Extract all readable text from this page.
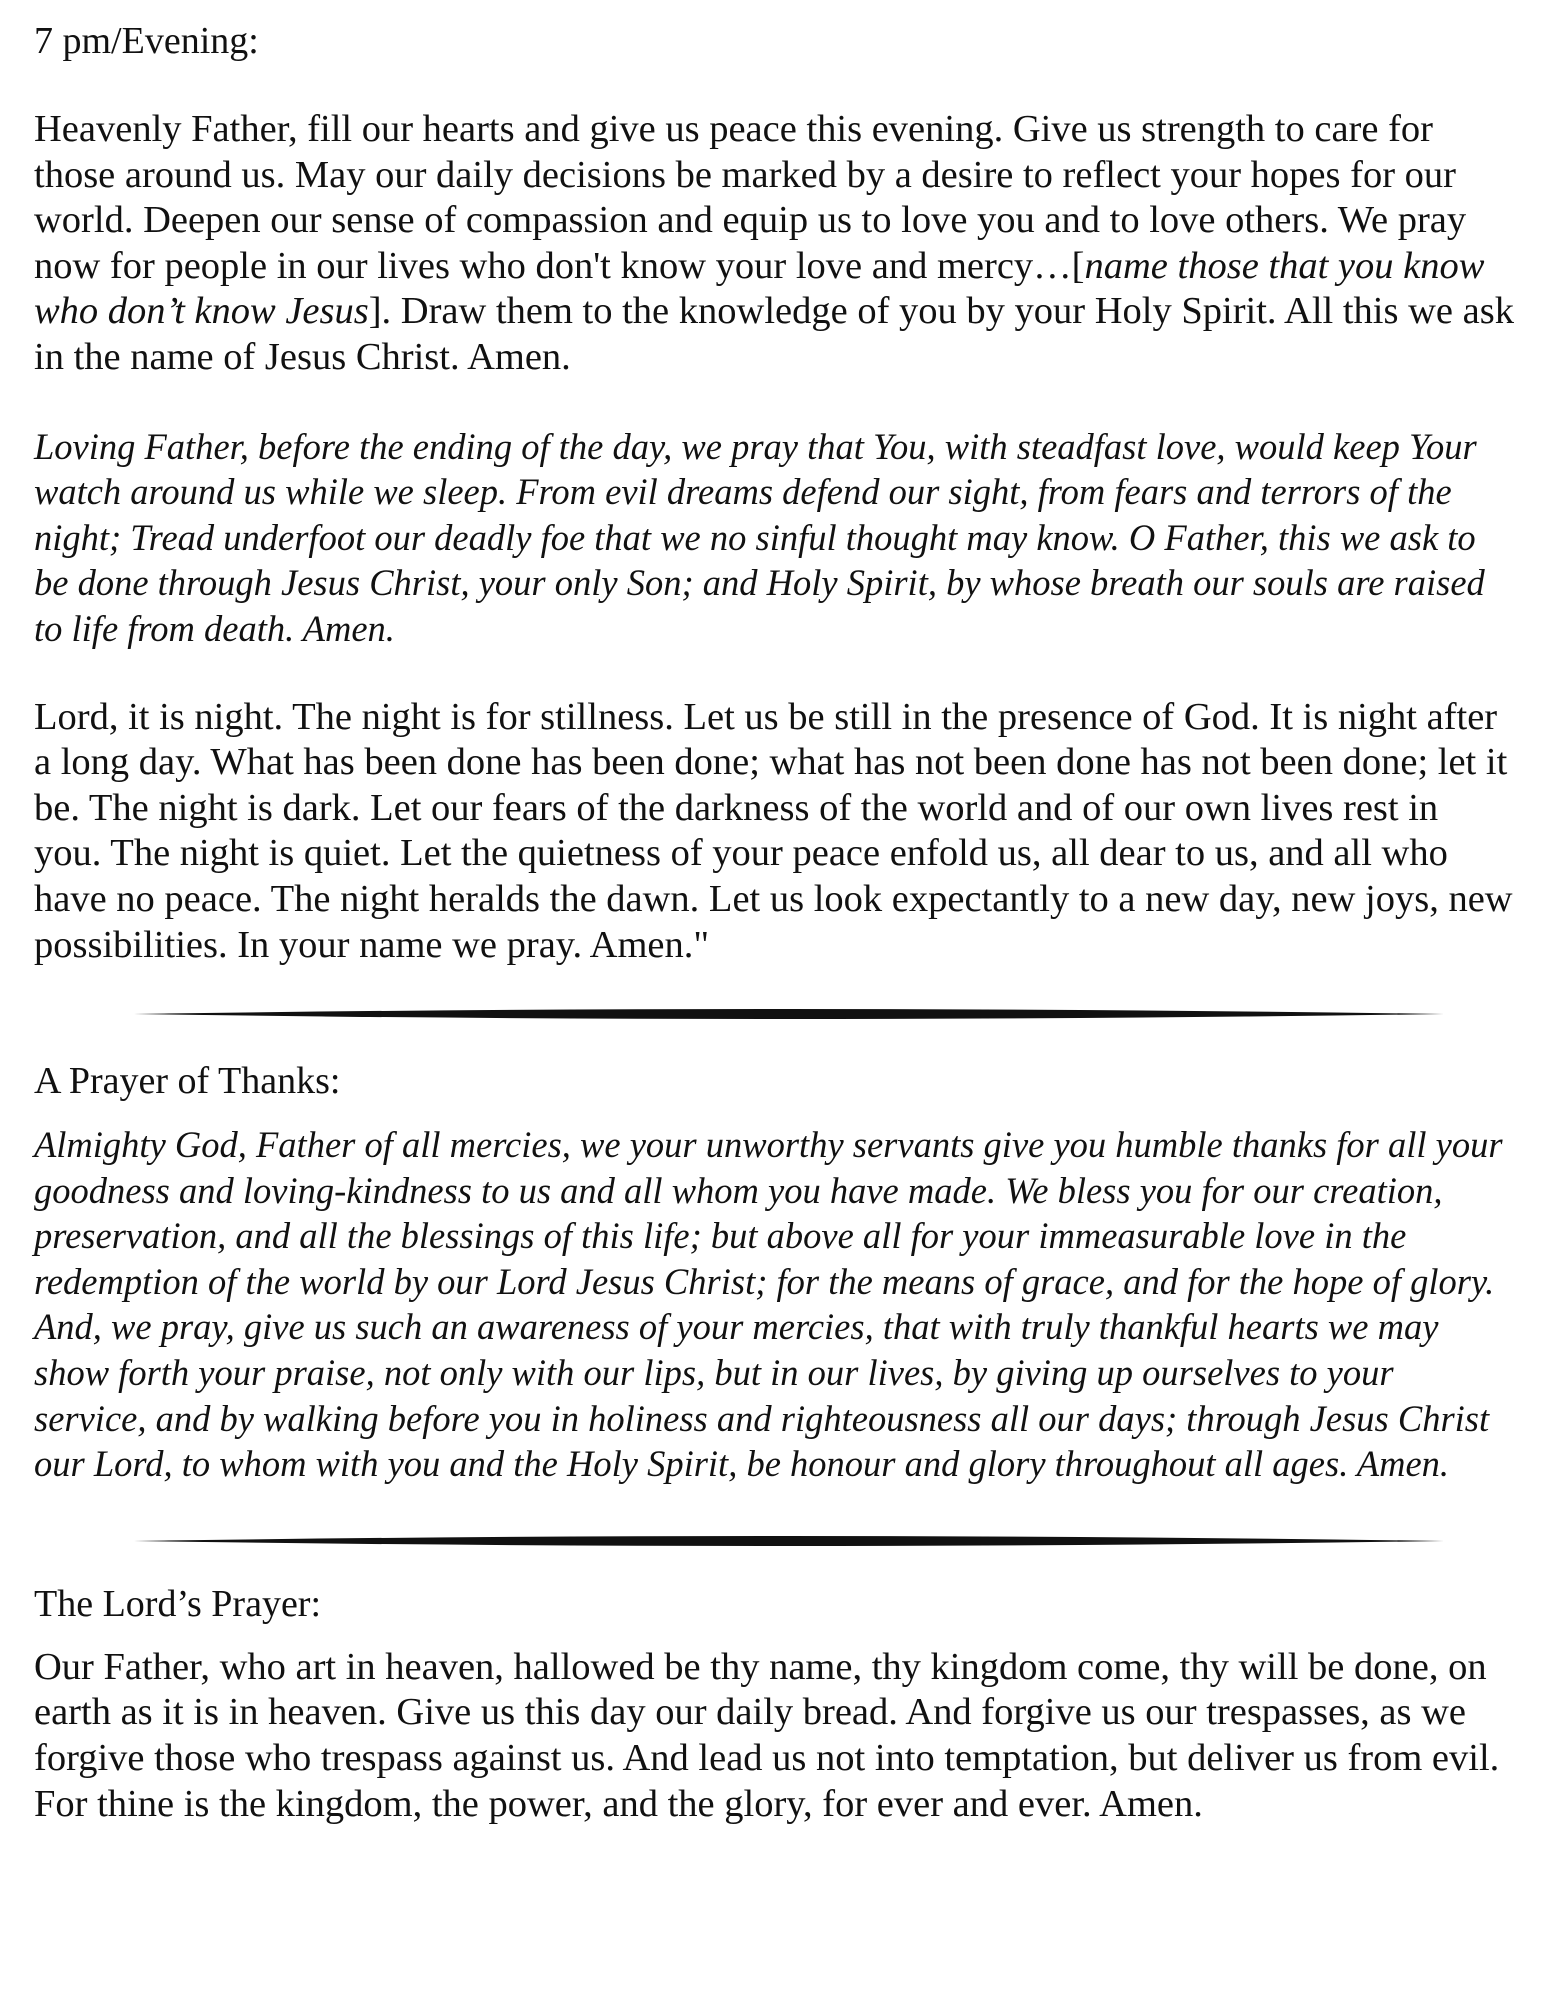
7 pm/Evening:

Heavenly Father, fill our hearts and give us peace this evening. Give us strength to care for those around us. May our daily decisions be marked by a desire to reflect your hopes for our world. Deepen our sense of compassion and equip us to love you and to love others. We pray now for people in our lives who don't know your love and mercy…[name those that you know who don’t know Jesus]. Draw them to the knowledge of you by your Holy Spirit. All this we ask in the name of Jesus Christ. Amen.

Loving Father, before the ending of the day, we pray that You, with steadfast love, would keep Your watch around us while we sleep. From evil dreams defend our sight, from fears and terrors of the night; Tread underfoot our deadly foe that we no sinful thought may know. O Father, this we ask to be done through Jesus Christ, your only Son; and Holy Spirit, by whose breath our souls are raised to life from death. Amen.

Lord, it is night. The night is for stillness. Let us be still in the presence of God. It is night after a long day. What has been done has been done; what has not been done has not been done; let it be. The night is dark. Let our fears of the darkness of the world and of our own lives rest in you. The night is quiet. Let the quietness of your peace enfold us, all dear to us, and all who have no peace. The night heralds the dawn. Let us look expectantly to a new day, new joys, new possibilities. In your name we pray. Amen."

A Prayer of Thanks:

Almighty God, Father of all mercies, we your unworthy servants give you humble thanks for all your goodness and loving-kindness to us and all whom you have made. We bless you for our creation, preservation, and all the blessings of this life; but above all for your immeasurable love in the redemption of the world by our Lord Jesus Christ; for the means of grace, and for the hope of glory. And, we pray, give us such an awareness of your mercies, that with truly thankful hearts we may show forth your praise, not only with our lips, but in our lives, by giving up ourselves to your service, and by walking before you in holiness and righteousness all our days; through Jesus Christ our Lord, to whom with you and the Holy Spirit, be honour and glory throughout all ages. Amen.

The Lord’s Prayer:

Our Father, who art in heaven, hallowed be thy name, thy kingdom come, thy will be done, on earth as it is in heaven. Give us this day our daily bread. And forgive us our trespasses, as we forgive those who trespass against us. And lead us not into temptation, but deliver us from evil. For thine is the kingdom, the power, and the glory, for ever and ever. Amen.
